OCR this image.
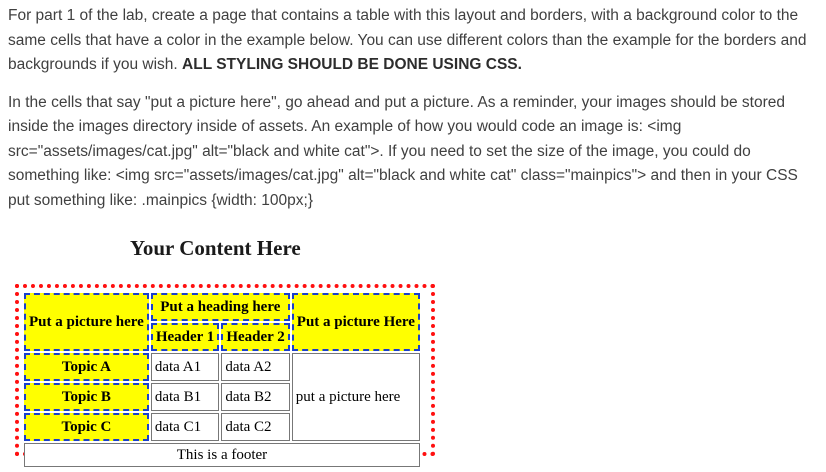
For part 1 of the lab, create a page that contains a table with this layout and borders, with a background color to the same cells that have a color in the example below. You can use different colors than the example for the borders and backgrounds if you wish. ALL STYLING SHOULD BE DONE USING CSS.

In the cells that say "put a picture here", go ahead and put a picture. As a reminder, your images should be stored inside the images directory inside of assets. An example of how you would code an image is: <img src="assets/images/cat.jpg" alt="black and white cat">. If you need to set the size of the image, you could do something like: <img src="assets/images/cat.jpg" alt="black and white cat" class="mainpics"> and then in your CSS put something like: .mainpics {width: 100px;}

Your Content Here
Put a picture here	Put a heading here		Put a picture Here
	Header 1	Header 2	
Topic A	data A1	data A2	put a picture here
Topic B	data B1	data B2	
Topic C	data C1	data C2	
This is a footer			
